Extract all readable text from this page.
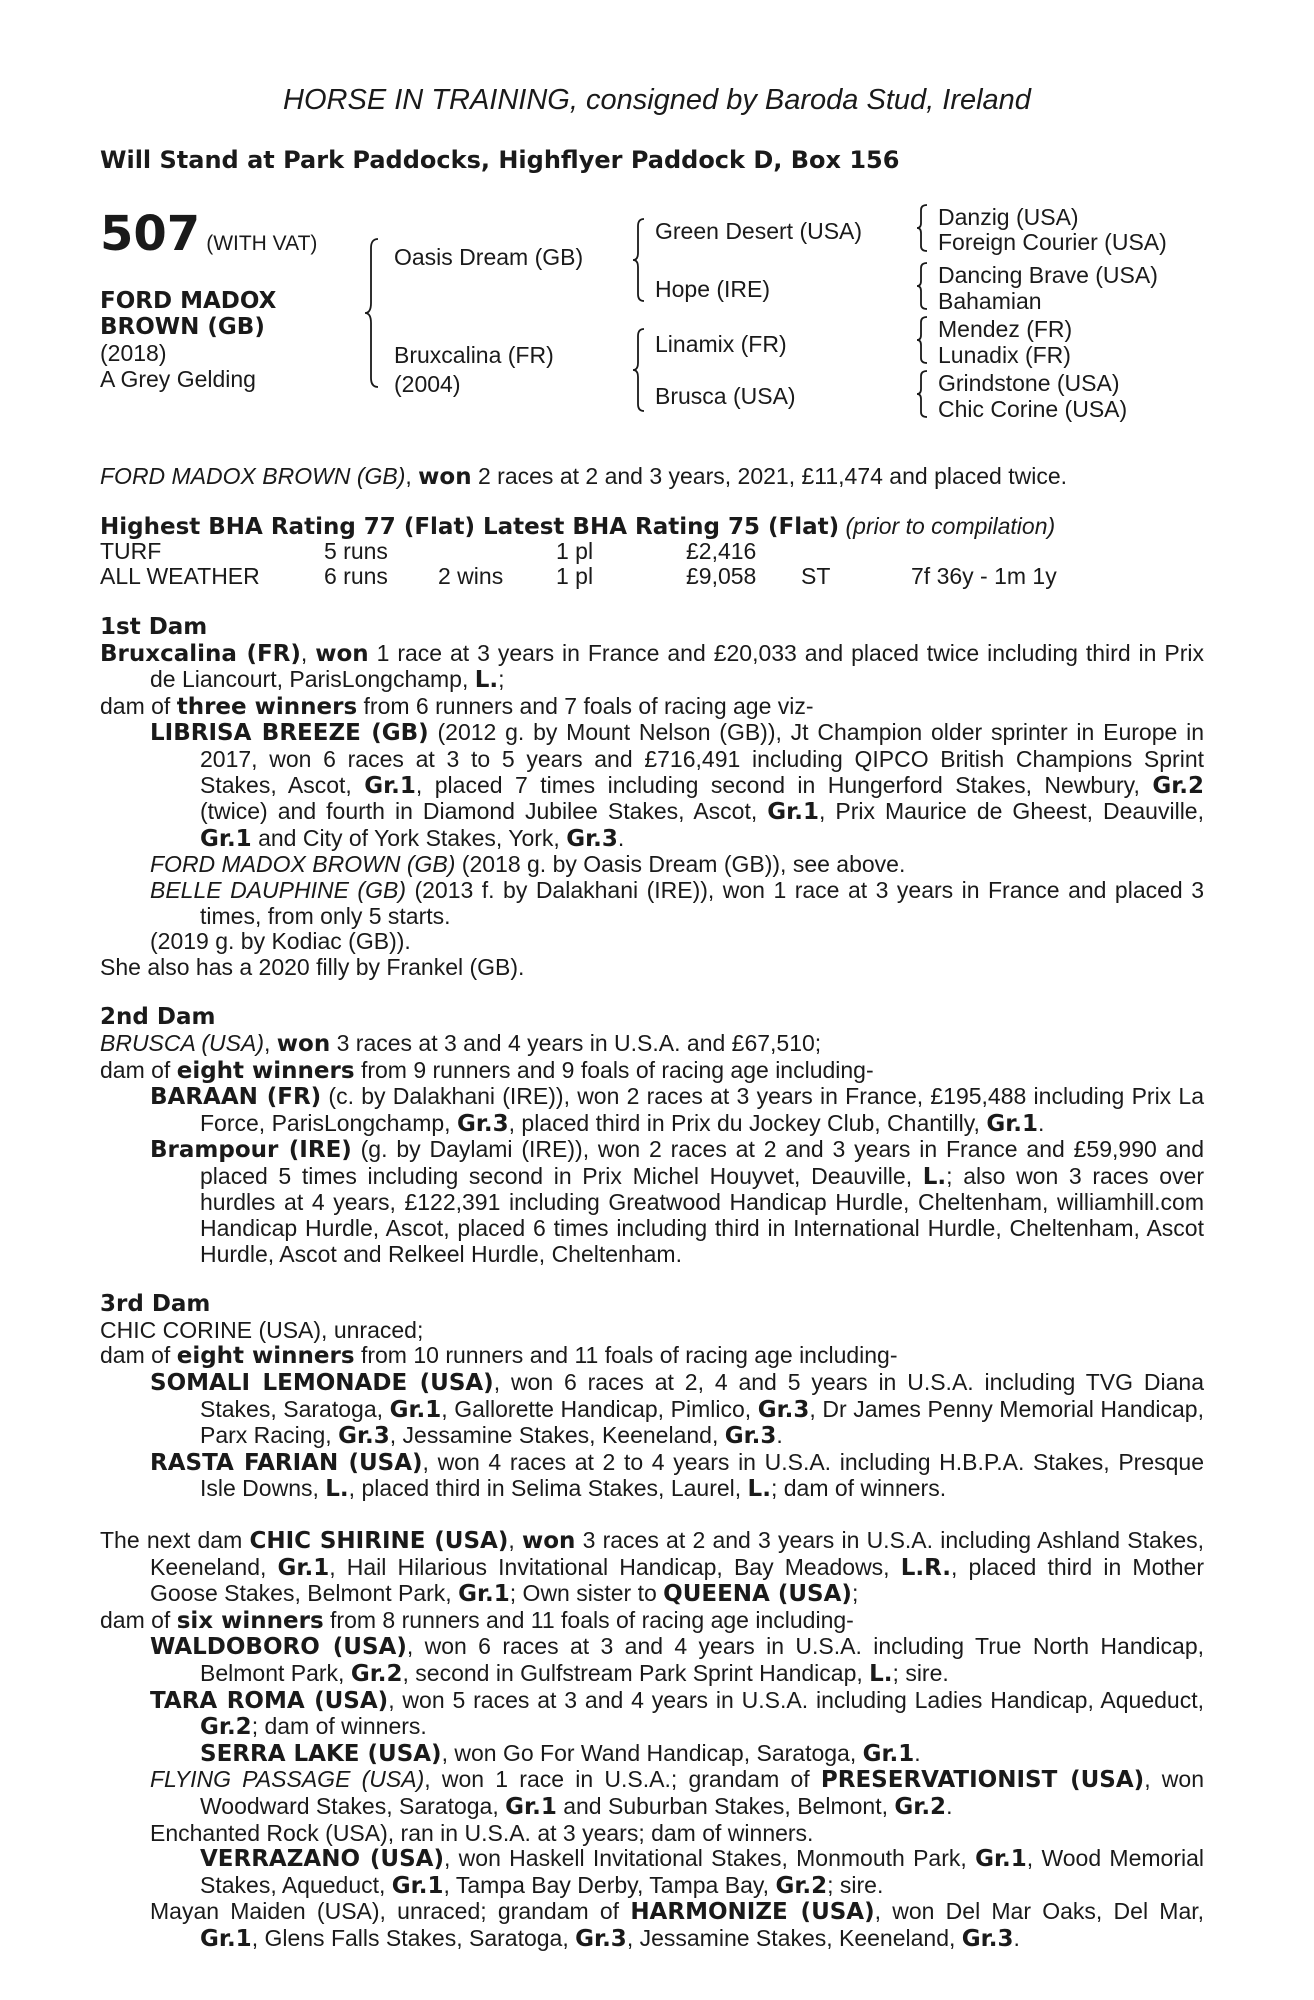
HORSE IN TRAINING, consigned by Baroda Stud, Ireland
Will Stand at Park Paddocks, Highflyer Paddock D, Box 156
507 (WITH VAT)
FORD MADOX
BROWN (GB)
(2018)
A Grey Gelding
Oasis Dream (GB)
Bruxcalina (FR)
(2004)
Green Desert (USA)
Hope (IRE)
Linamix (FR)
Brusca (USA)
Danzig (USA)
Foreign Courier (USA)
Dancing Brave (USA)
Bahamian
Mendez (FR)
Lunadix (FR)
Grindstone (USA)
Chic Corine (USA)
FORD MADOX BROWN (GB), won 2 races at 2 and 3 years, 2021, £11,474 and placed twice.
Highest BHA Rating 77 (Flat) Latest BHA Rating 75 (Flat) (prior to compilation)
TURF	5 runs		1 pl	£2,416		
ALL WEATHER	6 runs	2 wins	1 pl	£9,058	ST	7f 36y - 1m 1y
1st Dam
Bruxcalina (FR), won 1 race at 3 years in France and £20,033 and placed twice including third in Prix de Liancourt, ParisLongchamp, L.;
dam of three winners from 6 runners and 7 foals of racing age viz-
LIBRISA BREEZE (GB) (2012 g. by Mount Nelson (GB)), Jt Champion older sprinter in Europe in 2017, won 6 races at 3 to 5 years and £716,491 including QIPCO British Champions Sprint Stakes, Ascot, Gr.1, placed 7 times including second in Hungerford Stakes, Newbury, Gr.2 (twice) and fourth in Diamond Jubilee Stakes, Ascot, Gr.1, Prix Maurice de Gheest, Deauville, Gr.1 and City of York Stakes, York, Gr.3.
FORD MADOX BROWN (GB) (2018 g. by Oasis Dream (GB)), see above.
BELLE DAUPHINE (GB) (2013 f. by Dalakhani (IRE)), won 1 race at 3 years in France and placed 3 times, from only 5 starts.
(2019 g. by Kodiac (GB)).
She also has a 2020 filly by Frankel (GB).
2nd Dam
BRUSCA (USA), won 3 races at 3 and 4 years in U.S.A. and £67,510;
dam of eight winners from 9 runners and 9 foals of racing age including-
BARAAN (FR) (c. by Dalakhani (IRE)), won 2 races at 3 years in France, £195,488 including Prix La Force, ParisLongchamp, Gr.3, placed third in Prix du Jockey Club, Chantilly, Gr.1.
Brampour (IRE) (g. by Daylami (IRE)), won 2 races at 2 and 3 years in France and £59,990 and placed 5 times including second in Prix Michel Houyvet, Deauville, L.; also won 3 races over hurdles at 4 years, £122,391 including Greatwood Handicap Hurdle, Cheltenham, williamhill.com Handicap Hurdle, Ascot, placed 6 times including third in International Hurdle, Cheltenham, Ascot Hurdle, Ascot and Relkeel Hurdle, Cheltenham.
3rd Dam
CHIC CORINE (USA), unraced;
dam of eight winners from 10 runners and 11 foals of racing age including-
SOMALI LEMONADE (USA), won 6 races at 2, 4 and 5 years in U.S.A. including TVG Diana Stakes, Saratoga, Gr.1, Gallorette Handicap, Pimlico, Gr.3, Dr James Penny Memorial Handicap, Parx Racing, Gr.3, Jessamine Stakes, Keeneland, Gr.3.
RASTA FARIAN (USA), won 4 races at 2 to 4 years in U.S.A. including H.B.P.A. Stakes, Presque Isle Downs, L., placed third in Selima Stakes, Laurel, L.; dam of winners.
The next dam CHIC SHIRINE (USA), won 3 races at 2 and 3 years in U.S.A. including Ashland Stakes, Keeneland, Gr.1, Hail Hilarious Invitational Handicap, Bay Meadows, L.R., placed third in Mother Goose Stakes, Belmont Park, Gr.1; Own sister to QUEENA (USA);
dam of six winners from 8 runners and 11 foals of racing age including-
WALDOBORO (USA), won 6 races at 3 and 4 years in U.S.A. including True North Handicap, Belmont Park, Gr.2, second in Gulfstream Park Sprint Handicap, L.; sire.
TARA ROMA (USA), won 5 races at 3 and 4 years in U.S.A. including Ladies Handicap, Aqueduct, Gr.2; dam of winners.
SERRA LAKE (USA), won Go For Wand Handicap, Saratoga, Gr.1.
FLYING PASSAGE (USA), won 1 race in U.S.A.; grandam of PRESERVATIONIST (USA), won Woodward Stakes, Saratoga, Gr.1 and Suburban Stakes, Belmont, Gr.2.
Enchanted Rock (USA), ran in U.S.A. at 3 years; dam of winners.
VERRAZANO (USA), won Haskell Invitational Stakes, Monmouth Park, Gr.1, Wood Memorial Stakes, Aqueduct, Gr.1, Tampa Bay Derby, Tampa Bay, Gr.2; sire.
Mayan Maiden (USA), unraced; grandam of HARMONIZE (USA), won Del Mar Oaks, Del Mar, Gr.1, Glens Falls Stakes, Saratoga, Gr.3, Jessamine Stakes, Keeneland, Gr.3.
